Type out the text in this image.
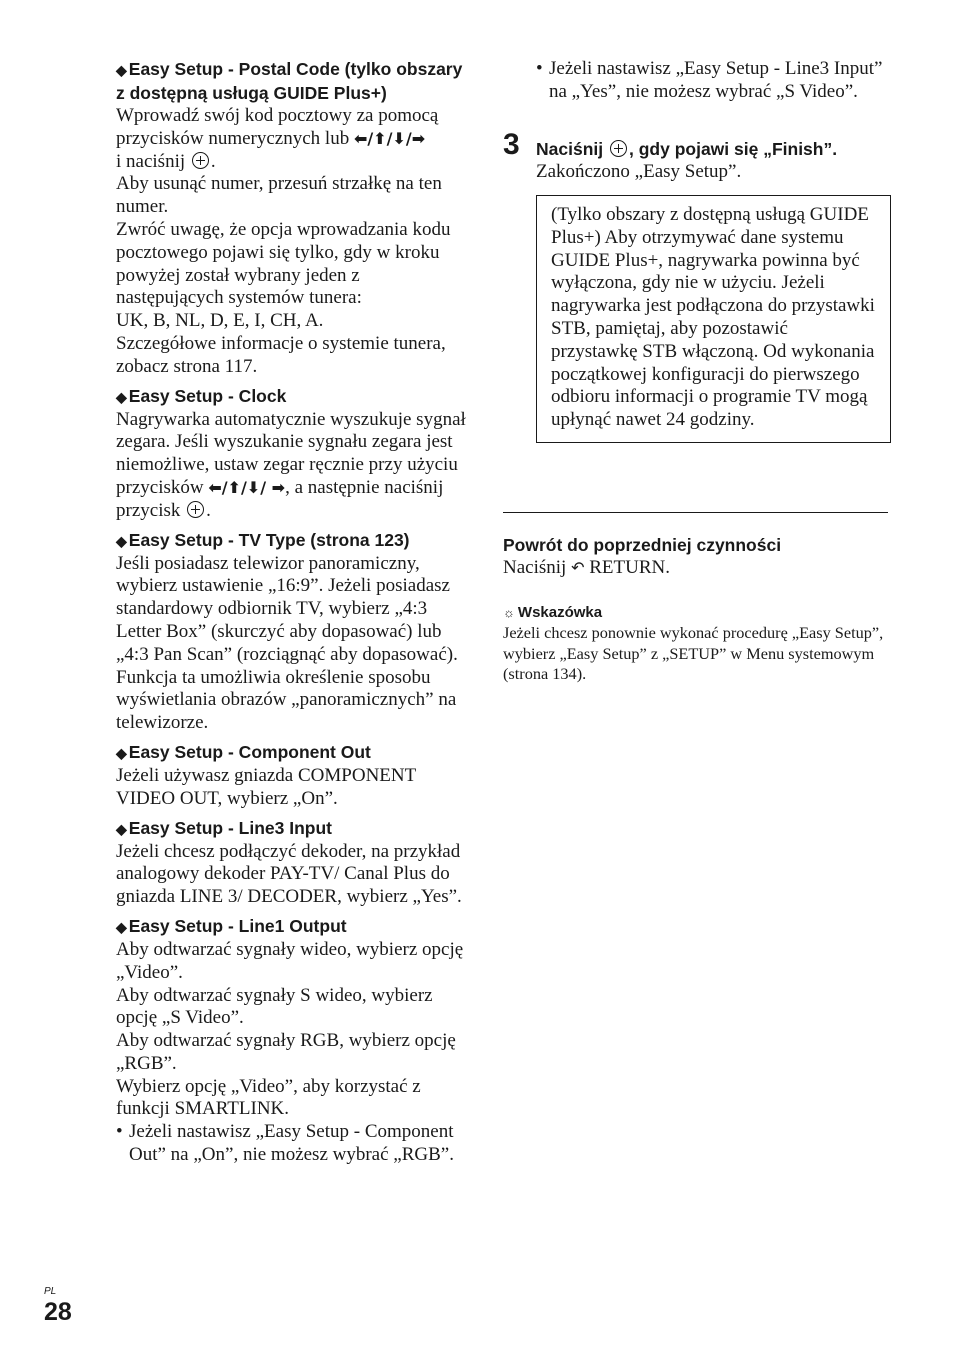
◆ Easy Setup - Postal Code (tylko obszary z dostępną usługą GUIDE Plus+)
Wprowadź swój kod pocztowy za pomocą przycisków numerycznych lub ⬅/⬆/⬇/➡
i naciśnij .
Aby usunąć numer, przesuń strzałkę na ten numer.
Zwróć uwagę, że opcja wprowadzania kodu pocztowego pojawi się tylko, gdy w kroku powyżej został wybrany jeden z następujących systemów tunera:
UK, B, NL, D, E, I, CH, A.
Szczegółowe informacje o systemie tunera, zobacz strona 117.
◆ Easy Setup - Clock
Nagrywarka automatycznie wyszukuje sygnał zegara. Jeśli wyszukanie sygnału zegara jest niemożliwe, ustaw zegar ręcznie przy użyciu przycisków ⬅/⬆/⬇/ ➡, a następnie naciśnij przycisk .
◆ Easy Setup - TV Type (strona 123)
Jeśli posiadasz telewizor panoramiczny, wybierz ustawienie „16:9”. Jeżeli posiadasz standardowy odbiornik TV, wybierz „4:3 Letter Box” (skurczyć aby dopasować) lub „4:3 Pan Scan” (rozciągnąć aby dopasować). Funkcja ta umożliwia określenie sposobu wyświetlania obrazów „panoramicznych” na telewizorze.
◆ Easy Setup - Component Out
Jeżeli używasz gniazda COMPONENT VIDEO OUT, wybierz „On”.
◆ Easy Setup - Line3 Input
Jeżeli chcesz podłączyć dekoder, na przykład analogowy dekoder PAY-TV/ Canal Plus do gniazda LINE 3/ DECODER, wybierz „Yes”.
◆ Easy Setup - Line1 Output
Aby odtwarzać sygnały wideo, wybierz opcję „Video”.
Aby odtwarzać sygnały S wideo, wybierz opcję „S Video”.
Aby odtwarzać sygnały RGB, wybierz opcję „RGB”.
Wybierz opcję „Video”, aby korzystać z funkcji SMARTLINK.
• Jeżeli nastawisz „Easy Setup - Component Out” na „On”, nie możesz wybrać „RGB”.
• Jeżeli nastawisz „Easy Setup - Line3 Input” na „Yes”, nie możesz wybrać „S Video”.
3 Naciśnij , gdy pojawi się „Finish”.
Zakończono „Easy Setup”.
(Tylko obszary z dostępną usługą GUIDE Plus+) Aby otrzymywać dane systemu GUIDE Plus+, nagrywarka powinna być wyłączona, gdy nie w użyciu. Jeżeli nagrywarka jest podłączona do przystawki STB, pamiętaj, aby pozostawić przystawkę STB włączoną. Od wykonania początkowej konfiguracji do pierwszego odbioru informacji o programie TV mogą upłynąć nawet 24 godziny.
Powrót do poprzedniej czynności
Naciśnij ↶ RETURN.
☼ Wskazówka
Jeżeli chcesz ponownie wykonać procedurę „Easy Setup”, wybierz „Easy Setup” z „SETUP” w Menu systemowym (strona 134).
PL
28
